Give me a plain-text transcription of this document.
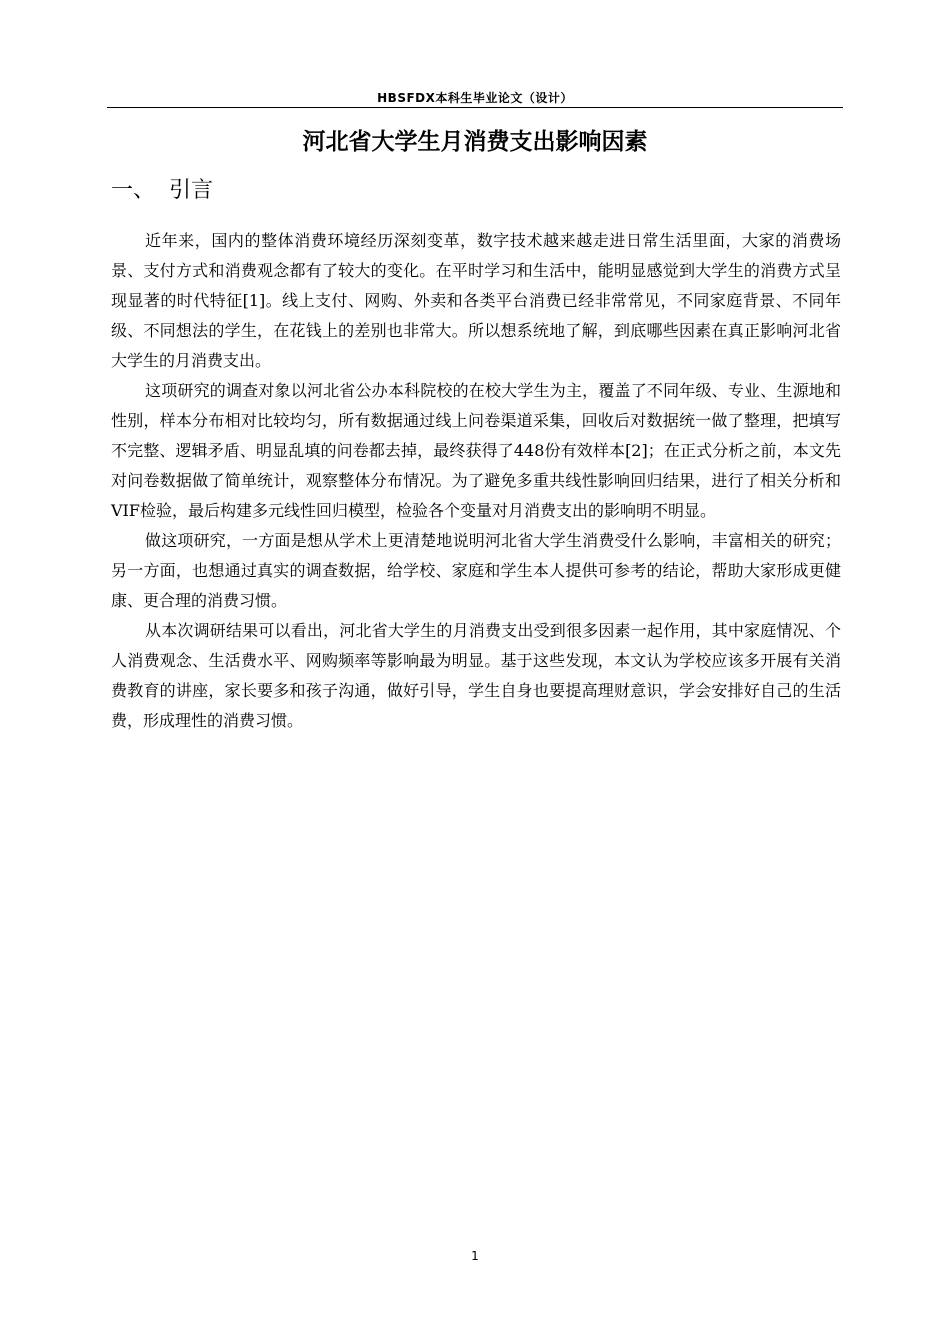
HBSFDX本科生毕业论文（设计）
河北省大学生月消费支出影响因素
一、  引言

近年来，国内的整体消费环境经历深刻变革，数字技术越来越走进日常生活里面，大家的消费场景、支付方式和消费观念都有了较大的变化。在平时学习和生活中，能明显感觉到大学生的消费方式呈现显著的时代特征[1]。线上支付、网购、外卖和各类平台消费已经非常常见，不同家庭背景、不同年级、不同想法的学生，在花钱上的差别也非常大。所以想系统地了解，到底哪些因素在真正影响河北省大学生的月消费支出。

这项研究的调查对象以河北省公办本科院校的在校大学生为主，覆盖了不同年级、专业、生源地和性别，样本分布相对比较均匀，所有数据通过线上问卷渠道采集，回收后对数据统一做了整理，把填写不完整、逻辑矛盾、明显乱填的问卷都去掉，最终获得了448份有效样本[2]；在正式分析之前，本文先对问卷数据做了简单统计，观察整体分布情况。为了避免多重共线性影响回归结果，进行了相关分析和VIF检验，最后构建多元线性回归模型，检验各个变量对月消费支出的影响明不明显。

做这项研究，一方面是想从学术上更清楚地说明河北省大学生消费受什么影响，丰富相关的研究；另一方面，也想通过真实的调查数据，给学校、家庭和学生本人提供可参考的结论，帮助大家形成更健康、更合理的消费习惯。

从本次调研结果可以看出，河北省大学生的月消费支出受到很多因素一起作用，其中家庭情况、个人消费观念、生活费水平、网购频率等影响最为明显。基于这些发现，本文认为学校应该多开展有关消费教育的讲座，家长要多和孩子沟通，做好引导，学生自身也要提高理财意识，学会安排好自己的生活费，形成理性的消费习惯。

1
